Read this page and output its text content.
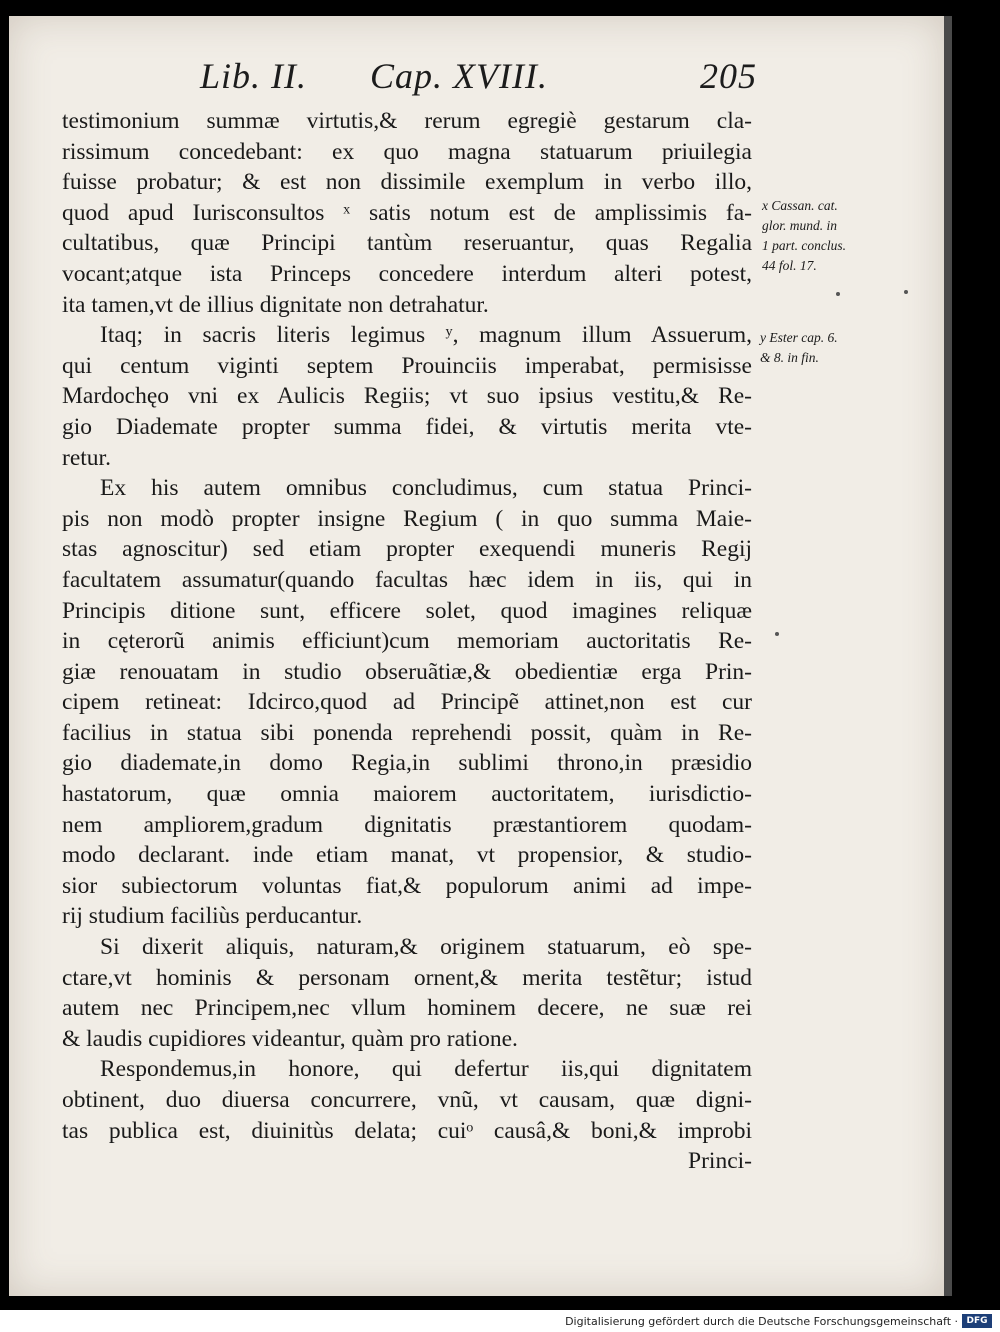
Lib. II. Cap. XVIII.	205
testimonium summæ virtutis,& rerum egregiè gestarum cla-
rissimum concedebant: ex quo magna statuarum priuilegia
fuisse probatur; & est non dissimile exemplum in verbo illo,
quod apud Iurisconsultos ˣ satis notum est de amplissimis fa-
cultatibus, quæ Principi tantùm reseruantur, quas Regalia
vocant;atque ista Princeps concedere interdum alteri potest,
ita tamen,vt de illius dignitate non detrahatur.
Itaq; in sacris literis legimus ʸ, magnum illum Assuerum,
qui centum viginti septem Prouinciis imperabat, permisisse
Mardochęo vni ex Aulicis Regiis; vt suo ipsius vestitu,& Re-
gio Diademate propter summa fidei, & virtutis merita vte-
retur.
Ex his autem omnibus concludimus, cum statua Princi-
pis non modò propter insigne Regium ( in quo summa Maie-
stas agnoscitur) sed etiam propter exequendi muneris Regij
facultatem assumatur(quando facultas hæc idem in iis, qui in
Principis ditione sunt, efficere solet, quod imagines reliquæ
in cęterorũ animis efficiunt)cum memoriam auctoritatis Re-
giæ renouatam in studio obseruãtiæ,& obedientiæ erga Prin-
cipem retineat: Idcirco,quod ad Principẽ attinet,non est cur
facilius in statua sibi ponenda reprehendi possit, quàm in Re-
gio diademate,in domo Regia,in sublimi throno,in præsidio
hastatorum, quæ omnia maiorem auctoritatem, iurisdictio-
nem ampliorem,gradum dignitatis præstantiorem quodam-
modo declarant. inde etiam manat, vt propensior, & studio-
sior subiectorum voluntas fiat,& populorum animi ad impe-
rij studium faciliùs perducantur.
Si dixerit aliquis, naturam,& originem statuarum, eò spe-
ctare,vt hominis & personam ornent,& merita testẽtur; istud
autem nec Principem,nec vllum hominem decere, ne suæ rei
& laudis cupidiores videantur, quàm pro ratione.
Respondemus,in honore, qui defertur iis,qui dignitatem
obtinent, duo diuersa concurrere, vnũ, vt causam, quæ digni-
tas publica est, diuinitùs delata; cuiᵒ causâ,& boni,& improbi
Princi-
x Cassan. cat.
glor. mund. in
1 part. conclus.
44 fol. 17.
y Ester cap. 6.
& 8. in fin.
Digitalisierung gefördert durch die Deutsche Forschungsgemeinschaft · DFG
